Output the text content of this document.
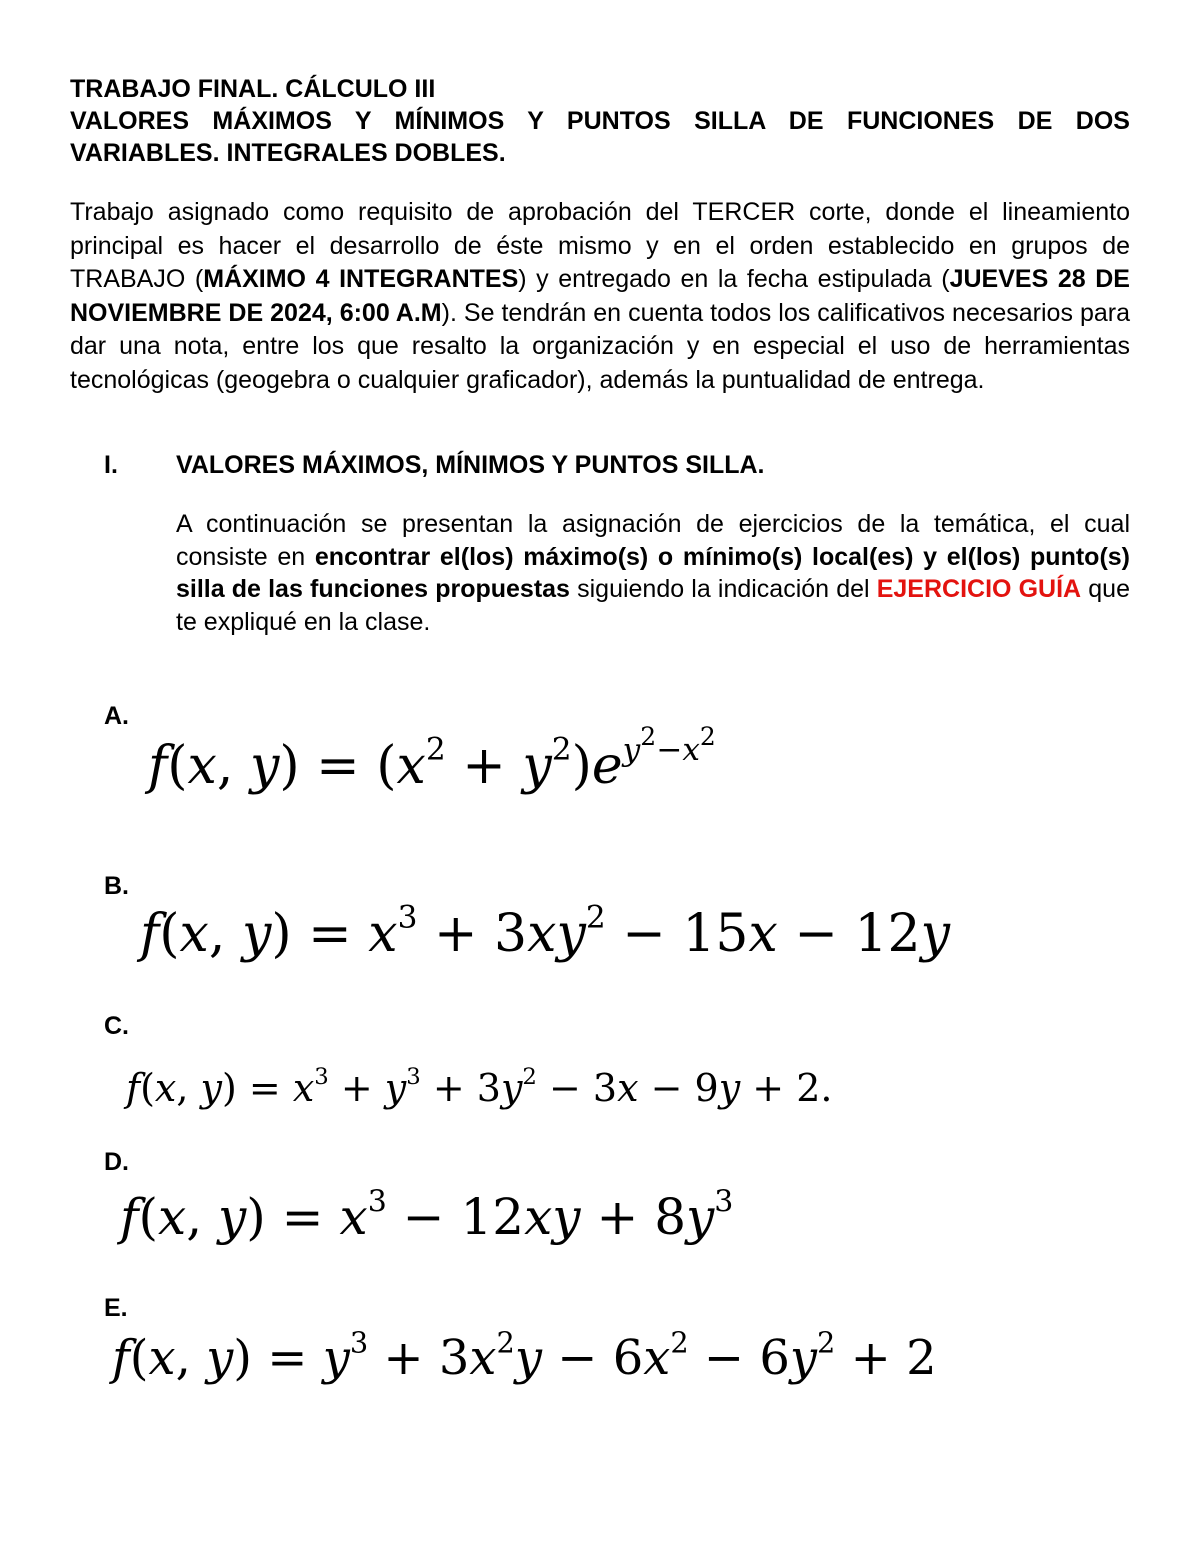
TRABAJO FINAL. CÁLCULO III
VALORES MÁXIMOS Y MÍNIMOS Y PUNTOS SILLA DE FUNCIONES DE DOS
VARIABLES. INTEGRALES DOBLES.
Trabajo asignado como requisito de aprobación del TERCER corte, donde el lineamiento principal es hacer el desarrollo de éste mismo y en el orden establecido en grupos de TRABAJO (MÁXIMO 4 INTEGRANTES) y entregado en la fecha estipulada (JUEVES 28 DE NOVIEMBRE DE 2024, 6:00 A.M). Se tendrán en cuenta todos los calificativos necesarios para dar una nota, entre los que resalto la organización y en especial el uso de herramientas tecnológicas (geogebra o cualquier graficador), además la puntualidad de entrega.
I. VALORES MÁXIMOS, MÍNIMOS Y PUNTOS SILLA.
A continuación se presentan la asignación de ejercicios de la temática, el cual consiste en encontrar el(los) máximo(s) o mínimo(s) local(es) y el(los) punto(s) silla de las funciones propuestas siguiendo la indicación del EJERCICIO GUÍA que te expliqué en la clase.
A.
f(x, $y) = (x^2 + y^2)e^{y^2-x^2}$
B.
f(x, $y) = x^3 + 3xy^2 - 15x - 12y$
C.
f(x, $y) = x^3 + y^3 + 3y^2 - 3x - 9y + 2$.
D.
f(x, $y) = x^3 - 12xy + 8y^3$
E.
f(x, $y) = y^3 + 3x^2y - 6x^2 - 6y^2 + 2$
